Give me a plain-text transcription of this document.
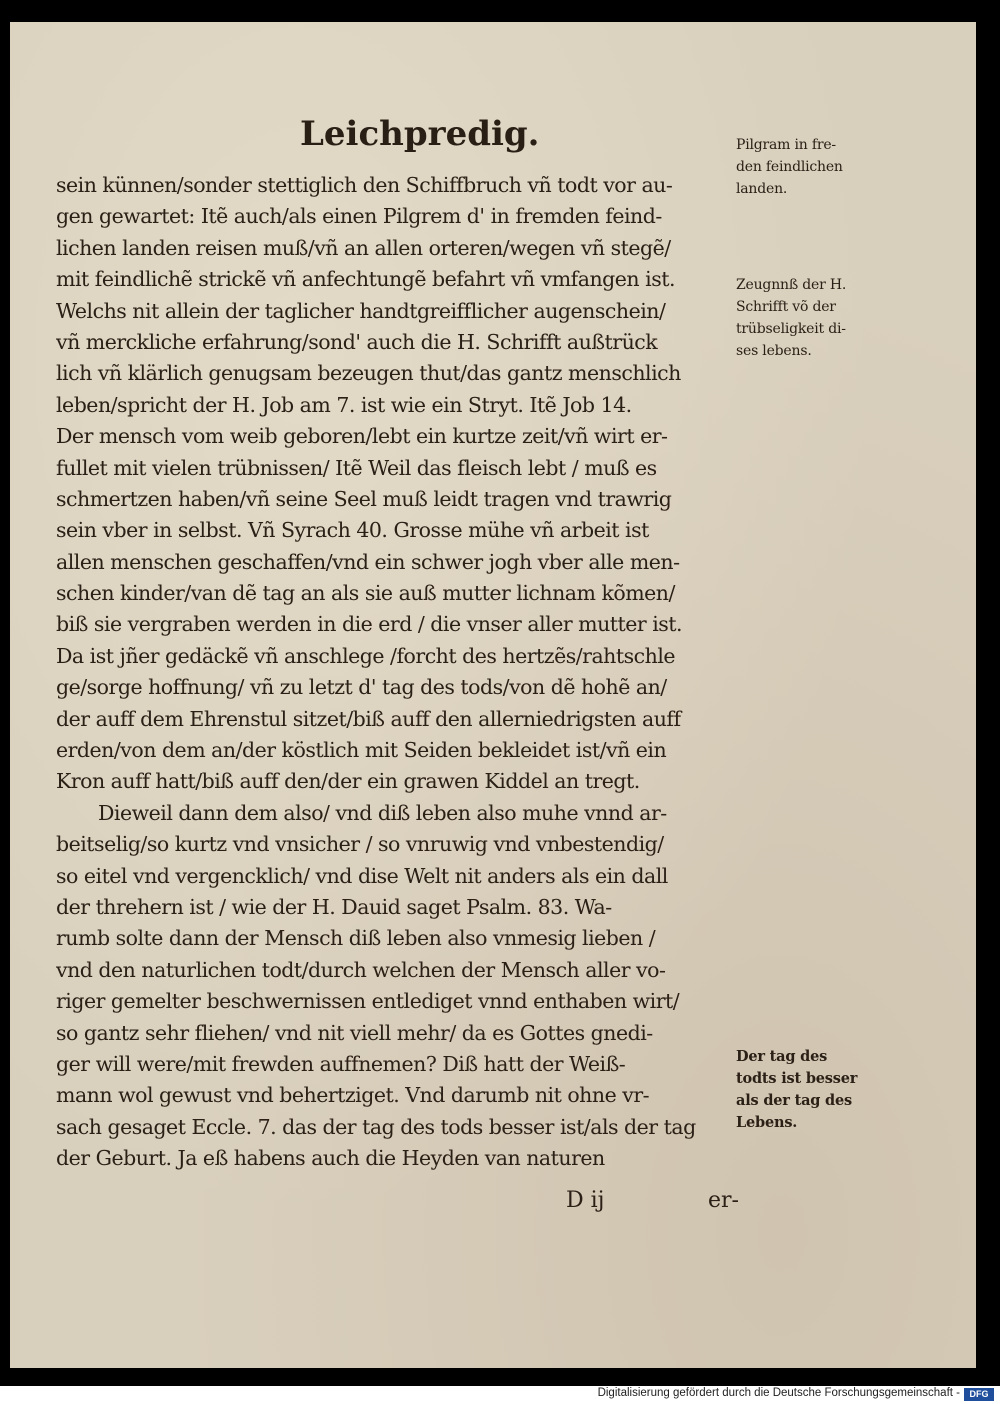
Leichpredig.
sein künnen/sonder stettiglich den Schiffbruch vñ todt vor au-
gen gewartet: Itẽ auch/als einen Pilgrem d' in fremden feind-
lichen landen reisen muß/vñ an allen orteren/wegen vñ stegẽ/
mit feindlichẽ strickẽ vñ anfechtungẽ befahrt vñ vmfangen ist.
Welchs nit allein der taglicher handtgreifflicher augenschein/
vñ merckliche erfahrung/sond' auch die H. Schrifft außtrück
lich vñ klärlich genugsam bezeugen thut/das gantz menschlich
leben/spricht der H. Job am 7. ist wie ein Stryt. Itẽ Job 14.
Der mensch vom weib geboren/lebt ein kurtze zeit/vñ wirt er-
fullet mit vielen trübnissen/ Itẽ Weil das fleisch lebt / muß es
schmertzen haben/vñ seine Seel muß leidt tragen vnd trawrig
sein vber in selbst. Vñ Syrach 40. Grosse mühe vñ arbeit ist
allen menschen geschaffen/vnd ein schwer jogh vber alle men-
schen kinder/van dẽ tag an als sie auß mutter lichnam kõmen/
biß sie vergraben werden in die erd / die vnser aller mutter ist.
Da ist jñer gedäckẽ vñ anschlege /forcht des hertzẽs/rahtschle
ge/sorge hoffnung/ vñ zu letzt d' tag des tods/von dẽ hohẽ an/
der auff dem Ehrenstul sitzet/biß auff den allerniedrigsten auff
erden/von dem an/der köstlich mit Seiden bekleidet ist/vñ ein
Kron auff hatt/biß auff den/der ein grawen Kiddel an tregt.
Dieweil dann dem also/ vnd diß leben also muhe vnnd ar-
beitselig/so kurtz vnd vnsicher / so vnruwig vnd vnbestendig/
so eitel vnd vergencklich/ vnd dise Welt nit anders als ein dall
der threhern ist / wie der H. Dauid saget Psalm. 83. Wa-
rumb solte dann der Mensch diß leben also vnmesig lieben /
vnd den naturlichen todt/durch welchen der Mensch aller vo-
riger gemelter beschwernissen entlediget vnnd enthaben wirt/
so gantz sehr fliehen/ vnd nit viell mehr/ da es Gottes gnedi-
ger will were/mit frewden auffnemen? Diß hatt der Weiß-
mann wol gewust vnd behertziget. Vnd darumb nit ohne vr-
sach gesaget Eccle. 7. das der tag des tods besser ist/als der tag
der Geburt. Ja eß habens auch die Heyden van naturen
Pilgram in fre-
den feindlichen
landen.
Zeugnnß der H.
Schrifft võ der
trübseligkeit di-
ses lebens.
Der tag des
todts ist besser
als der tag des
Lebens.
D ij	er-
Digitalisierung gefördert durch die Deutsche Forschungsgemeinschaft -	DFG
